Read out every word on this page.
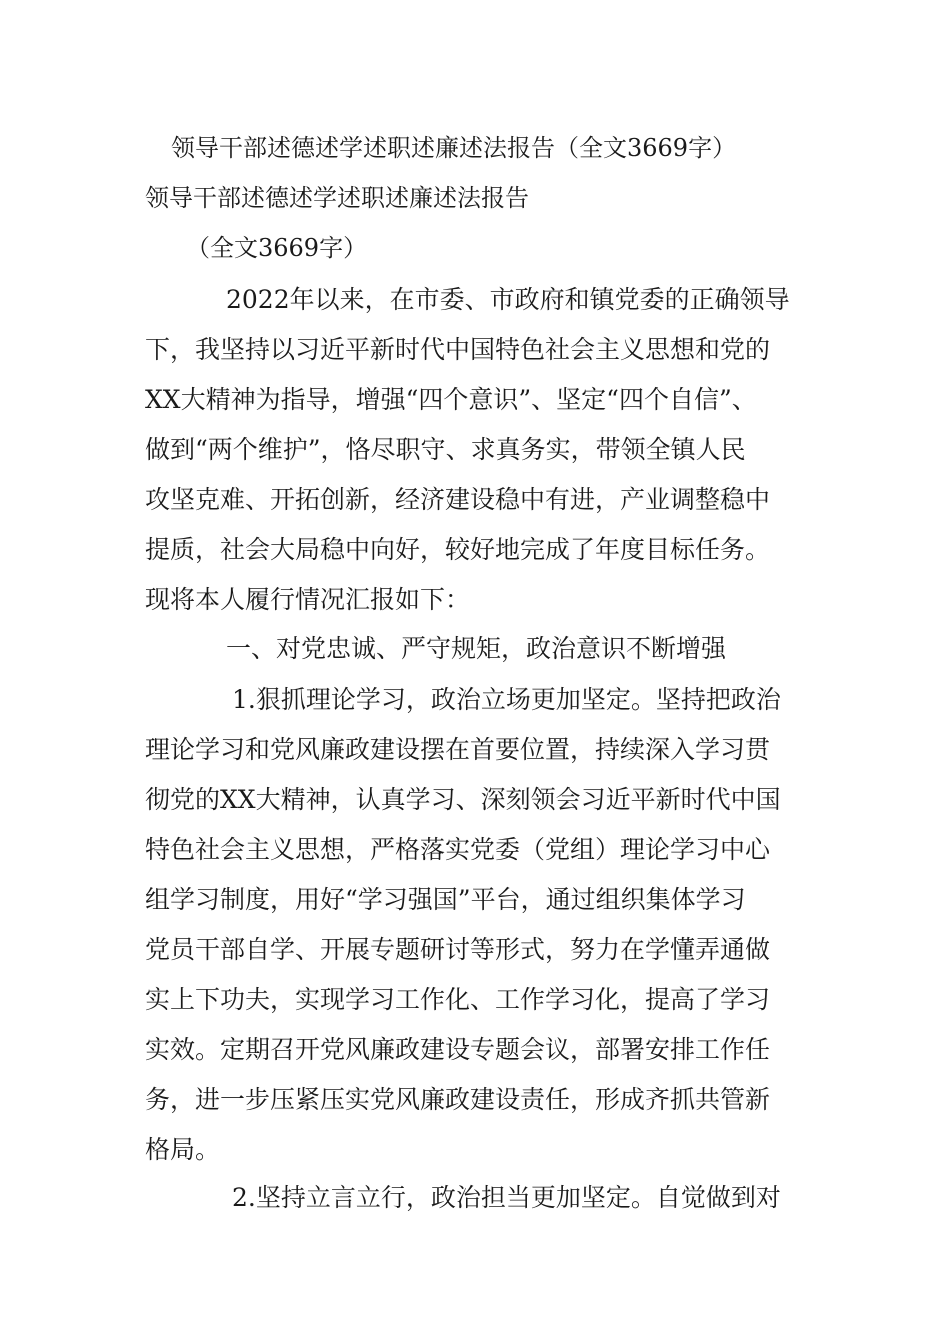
领导干部述德述学述职述廉述法报告（全文3669字）
领导干部述德述学述职述廉述法报告
（全文3669字）
2022年以来，在市委、市政府和镇党委的正确领导
下，我坚持以习近平新时代中国特色社会主义思想和党的
XX大精神为指导，增强“四个意识”、坚定“四个自信”、
做到“两个维护”，恪尽职守、求真务实，带领全镇人民
攻坚克难、开拓创新，经济建设稳中有进，产业调整稳中
提质，社会大局稳中向好，较好地完成了年度目标任务。
现将本人履行情况汇报如下：
一、对党忠诚、严守规矩，政治意识不断增强
1.狠抓理论学习，政治立场更加坚定。坚持把政治
理论学习和党风廉政建设摆在首要位置，持续深入学习贯
彻党的XX大精神，认真学习、深刻领会习近平新时代中国
特色社会主义思想，严格落实党委（党组）理论学习中心
组学习制度，用好“学习强国”平台，通过组织集体学习
党员干部自学、开展专题研讨等形式，努力在学懂弄通做
实上下功夫，实现学习工作化、工作学习化，提高了学习
实效。定期召开党风廉政建设专题会议，部署安排工作任
务，进一步压紧压实党风廉政建设责任，形成齐抓共管新
格局。
2.坚持立言立行，政治担当更加坚定。自觉做到对
